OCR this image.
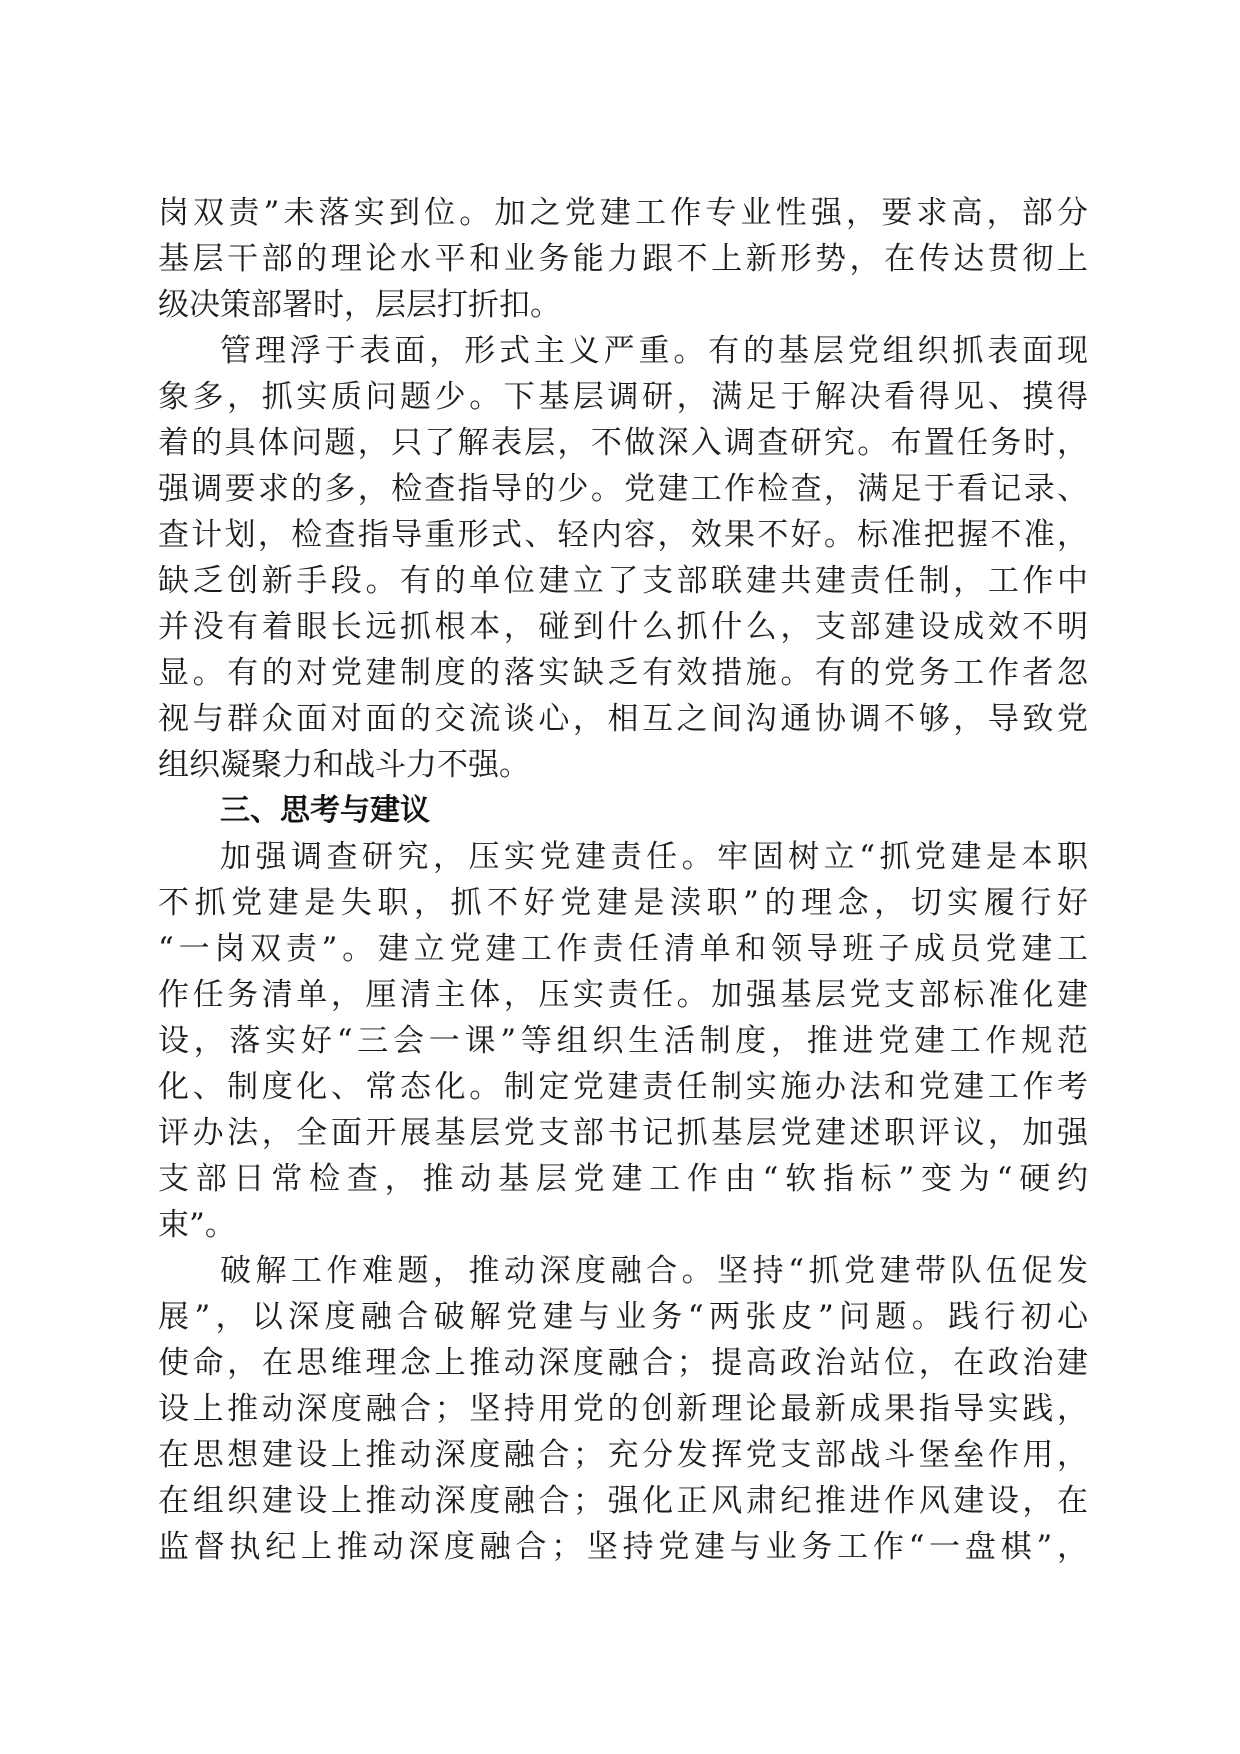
岗双责”未落实到位。加之党建工作专业性强，要求高，部分
基层干部的理论水平和业务能力跟不上新形势，在传达贯彻上
级决策部署时，层层打折扣。
管理浮于表面，形式主义严重。有的基层党组织抓表面现
象多，抓实质问题少。下基层调研，满足于解决看得见、摸得
着的具体问题，只了解表层，不做深入调查研究。布置任务时，
强调要求的多，检查指导的少。党建工作检查，满足于看记录、
查计划，检查指导重形式、轻内容，效果不好。标准把握不准，
缺乏创新手段。有的单位建立了支部联建共建责任制，工作中
并没有着眼长远抓根本，碰到什么抓什么，支部建设成效不明
显。有的对党建制度的落实缺乏有效措施。有的党务工作者忽
视与群众面对面的交流谈心，相互之间沟通协调不够，导致党
组织凝聚力和战斗力不强。
三、思考与建议
加强调查研究，压实党建责任。牢固树立“抓党建是本职
不抓党建是失职，抓不好党建是渎职”的理念，切实履行好
“一岗双责”。建立党建工作责任清单和领导班子成员党建工
作任务清单，厘清主体，压实责任。加强基层党支部标准化建
设，落实好“三会一课”等组织生活制度，推进党建工作规范
化、制度化、常态化。制定党建责任制实施办法和党建工作考
评办法，全面开展基层党支部书记抓基层党建述职评议，加强
支部日常检查，推动基层党建工作由“软指标”变为“硬约
束”。
破解工作难题，推动深度融合。坚持“抓党建带队伍促发
展”，以深度融合破解党建与业务“两张皮”问题。践行初心
使命，在思维理念上推动深度融合；提高政治站位，在政治建
设上推动深度融合；坚持用党的创新理论最新成果指导实践，
在思想建设上推动深度融合；充分发挥党支部战斗堡垒作用，
在组织建设上推动深度融合；强化正风肃纪推进作风建设，在
监督执纪上推动深度融合；坚持党建与业务工作“一盘棋”，
